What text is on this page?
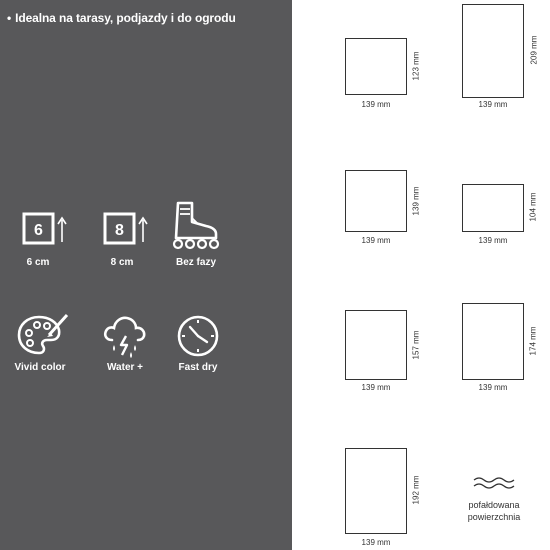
• Idealna na tarasy, podjazdy i do ogrodu
6
6 cm
8
8 cm	Bez fazy
Vivid color	Water +	Fast dry
139 mm
123 mm
139 mm
209 mm
139 mm
139 mm
139 mm
104 mm
139 mm
157 mm
139 mm
174 mm
139 mm
192 mm
pofałdowana
powierzchnia
